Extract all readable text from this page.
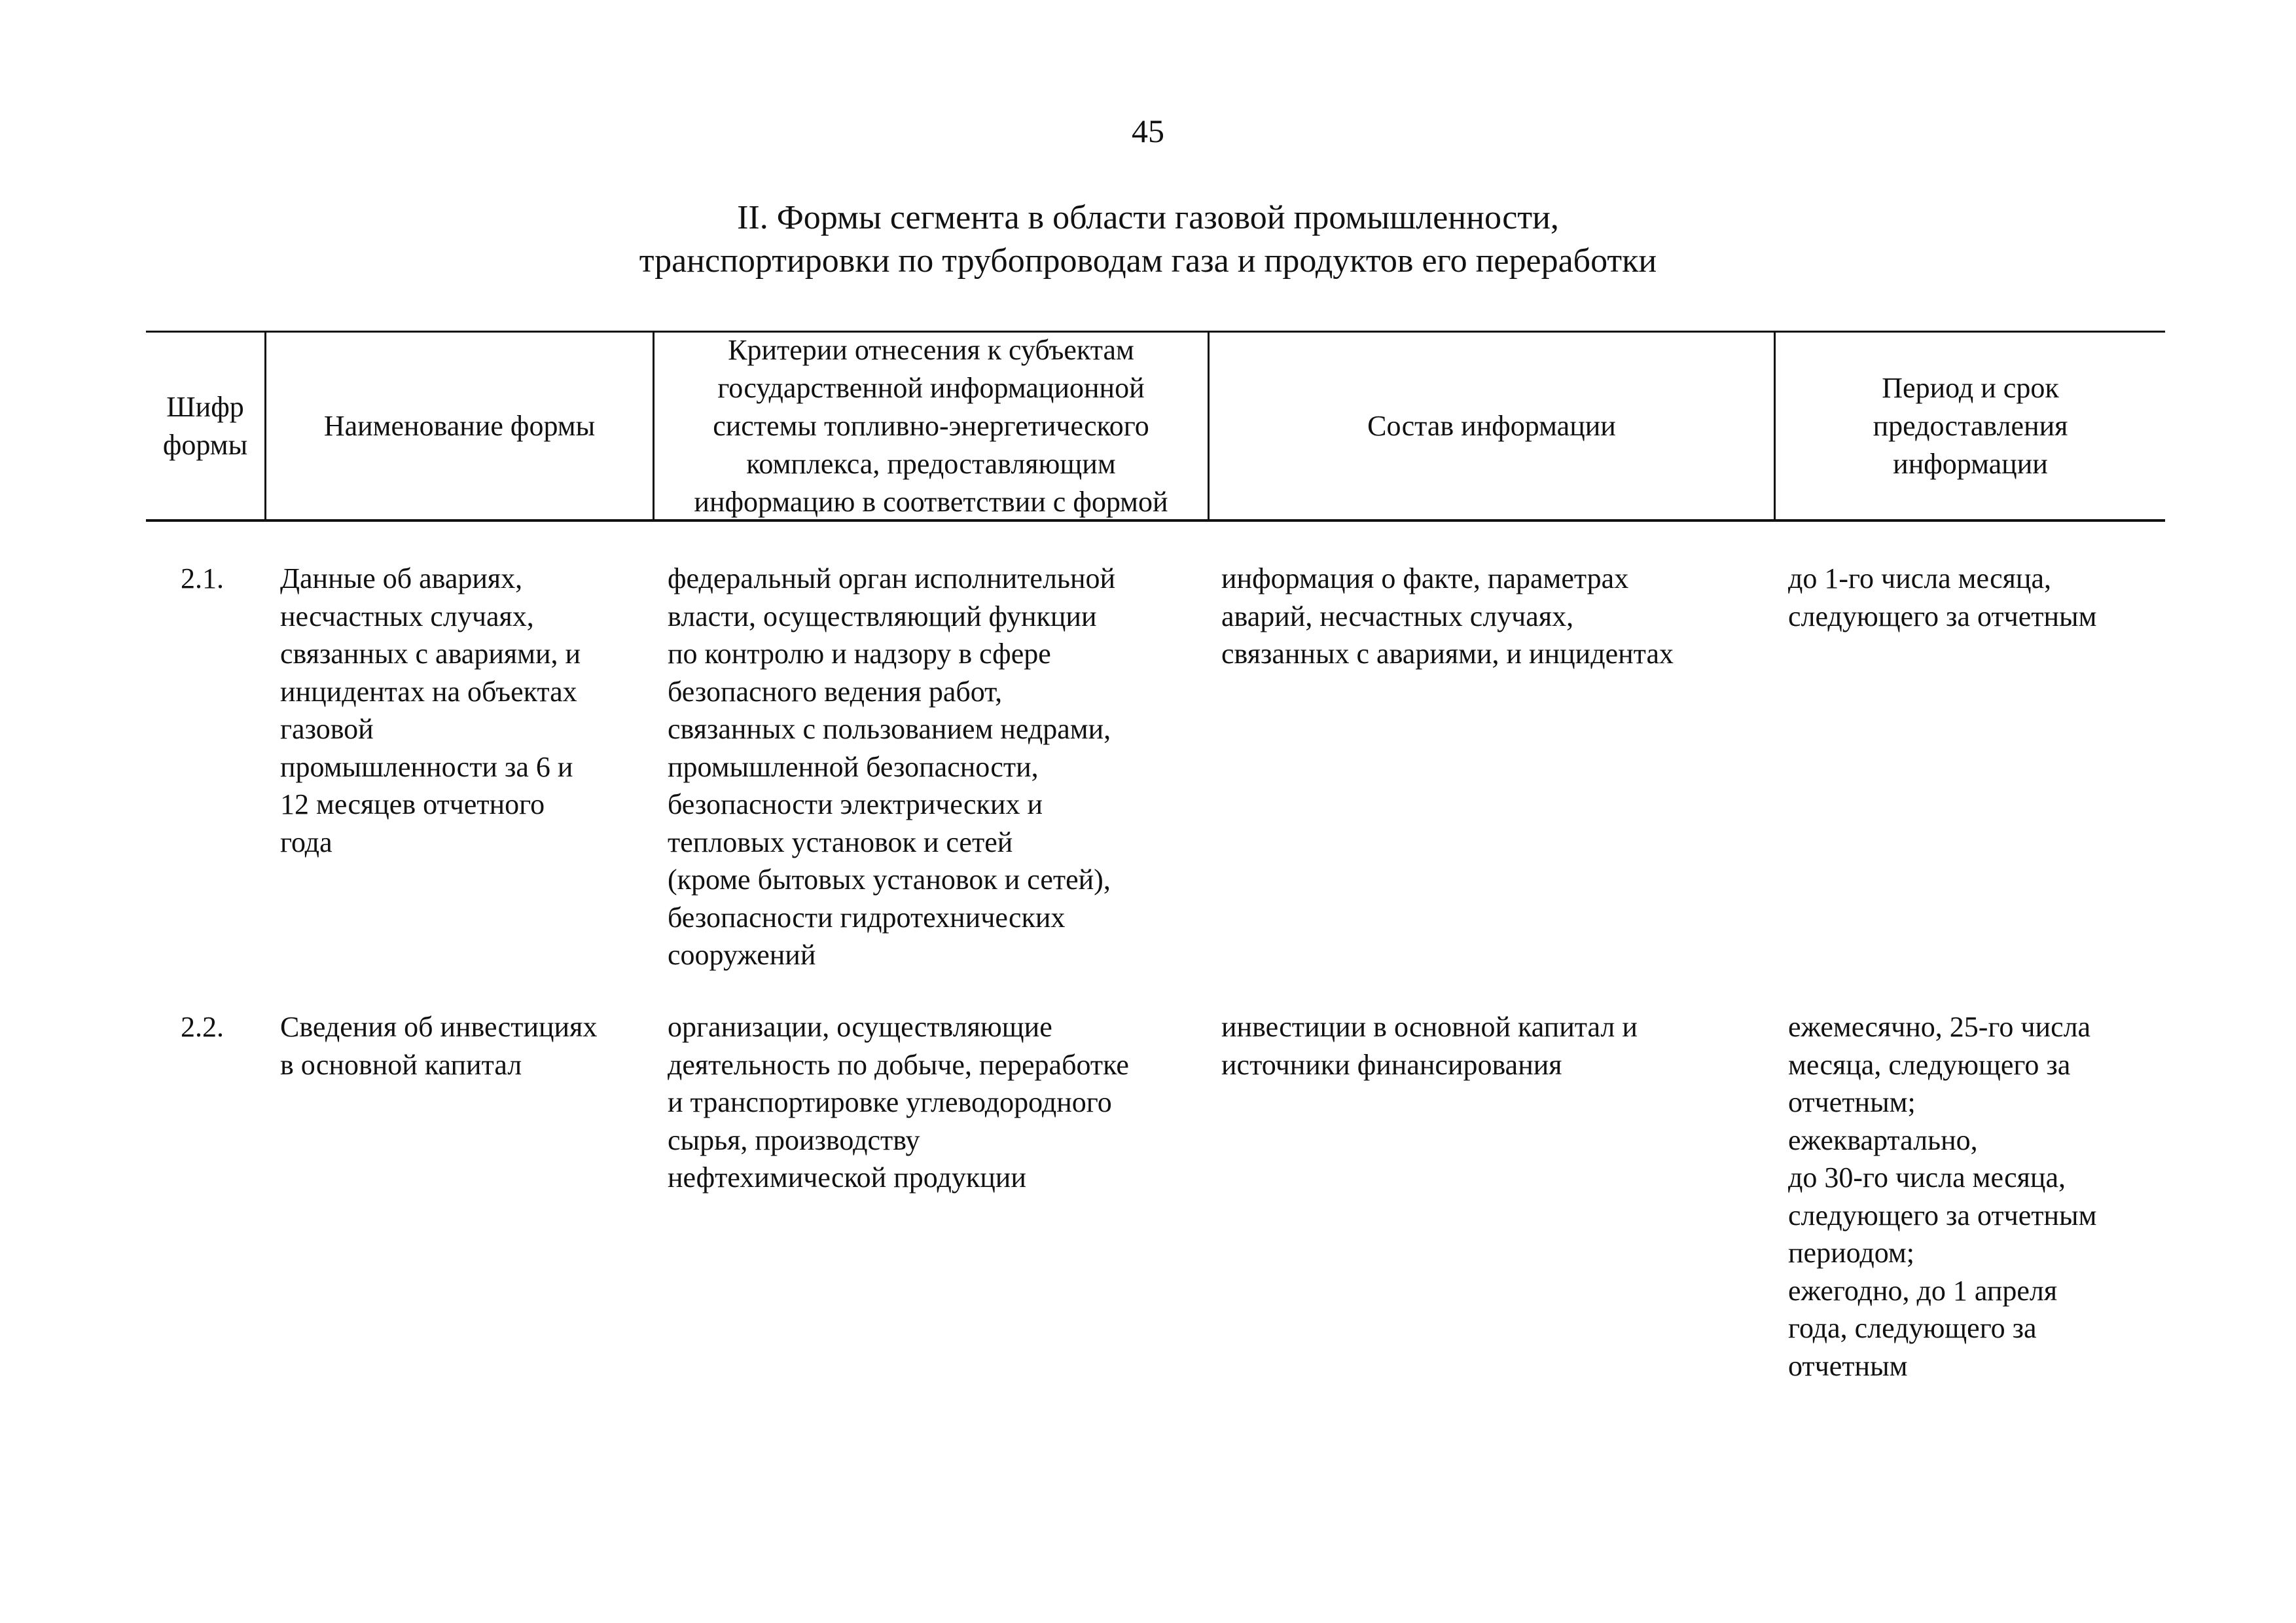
45
II. Формы сегмента в области газовой промышленности,
транспортировки по трубопроводам газа и продуктов его переработки
Шифр
формы
Наименование формы
Критерии отнесения к субъектам
государственной информационной
системы топливно-энергетического
комплекса, предоставляющим
информацию в соответствии с формой
Состав информации
Период и срок
предоставления
информации
2.1.	Данные об авариях,
несчастных случаях,
связанных с авариями, и
инцидентах на объектах
газовой
промышленности за 6 и
12 месяцев отчетного
года
федеральный орган исполнительной
власти, осуществляющий функции
по контролю и надзору в сфере
безопасного ведения работ,
связанных с пользованием недрами,
промышленной безопасности,
безопасности электрических и
тепловых установок и сетей
(кроме бытовых установок и сетей),
безопасности гидротехнических
сооружений
информация о факте, параметрах
аварий, несчастных случаях,
связанных с авариями, и инцидентах
до 1-го числа месяца,
следующего за отчетным
2.2.	Сведения об инвестициях
в основной капитал
организации, осуществляющие
деятельность по добыче, переработке
и транспортировке углеводородного
сырья, производству
нефтехимической продукции
инвестиции в основной капитал и
источники финансирования
ежемесячно, 25-го числа
месяца, следующего за
отчетным;
ежеквартально,
до 30-го числа месяца,
следующего за отчетным
периодом;
ежегодно, до 1 апреля
года, следующего за
отчетным
